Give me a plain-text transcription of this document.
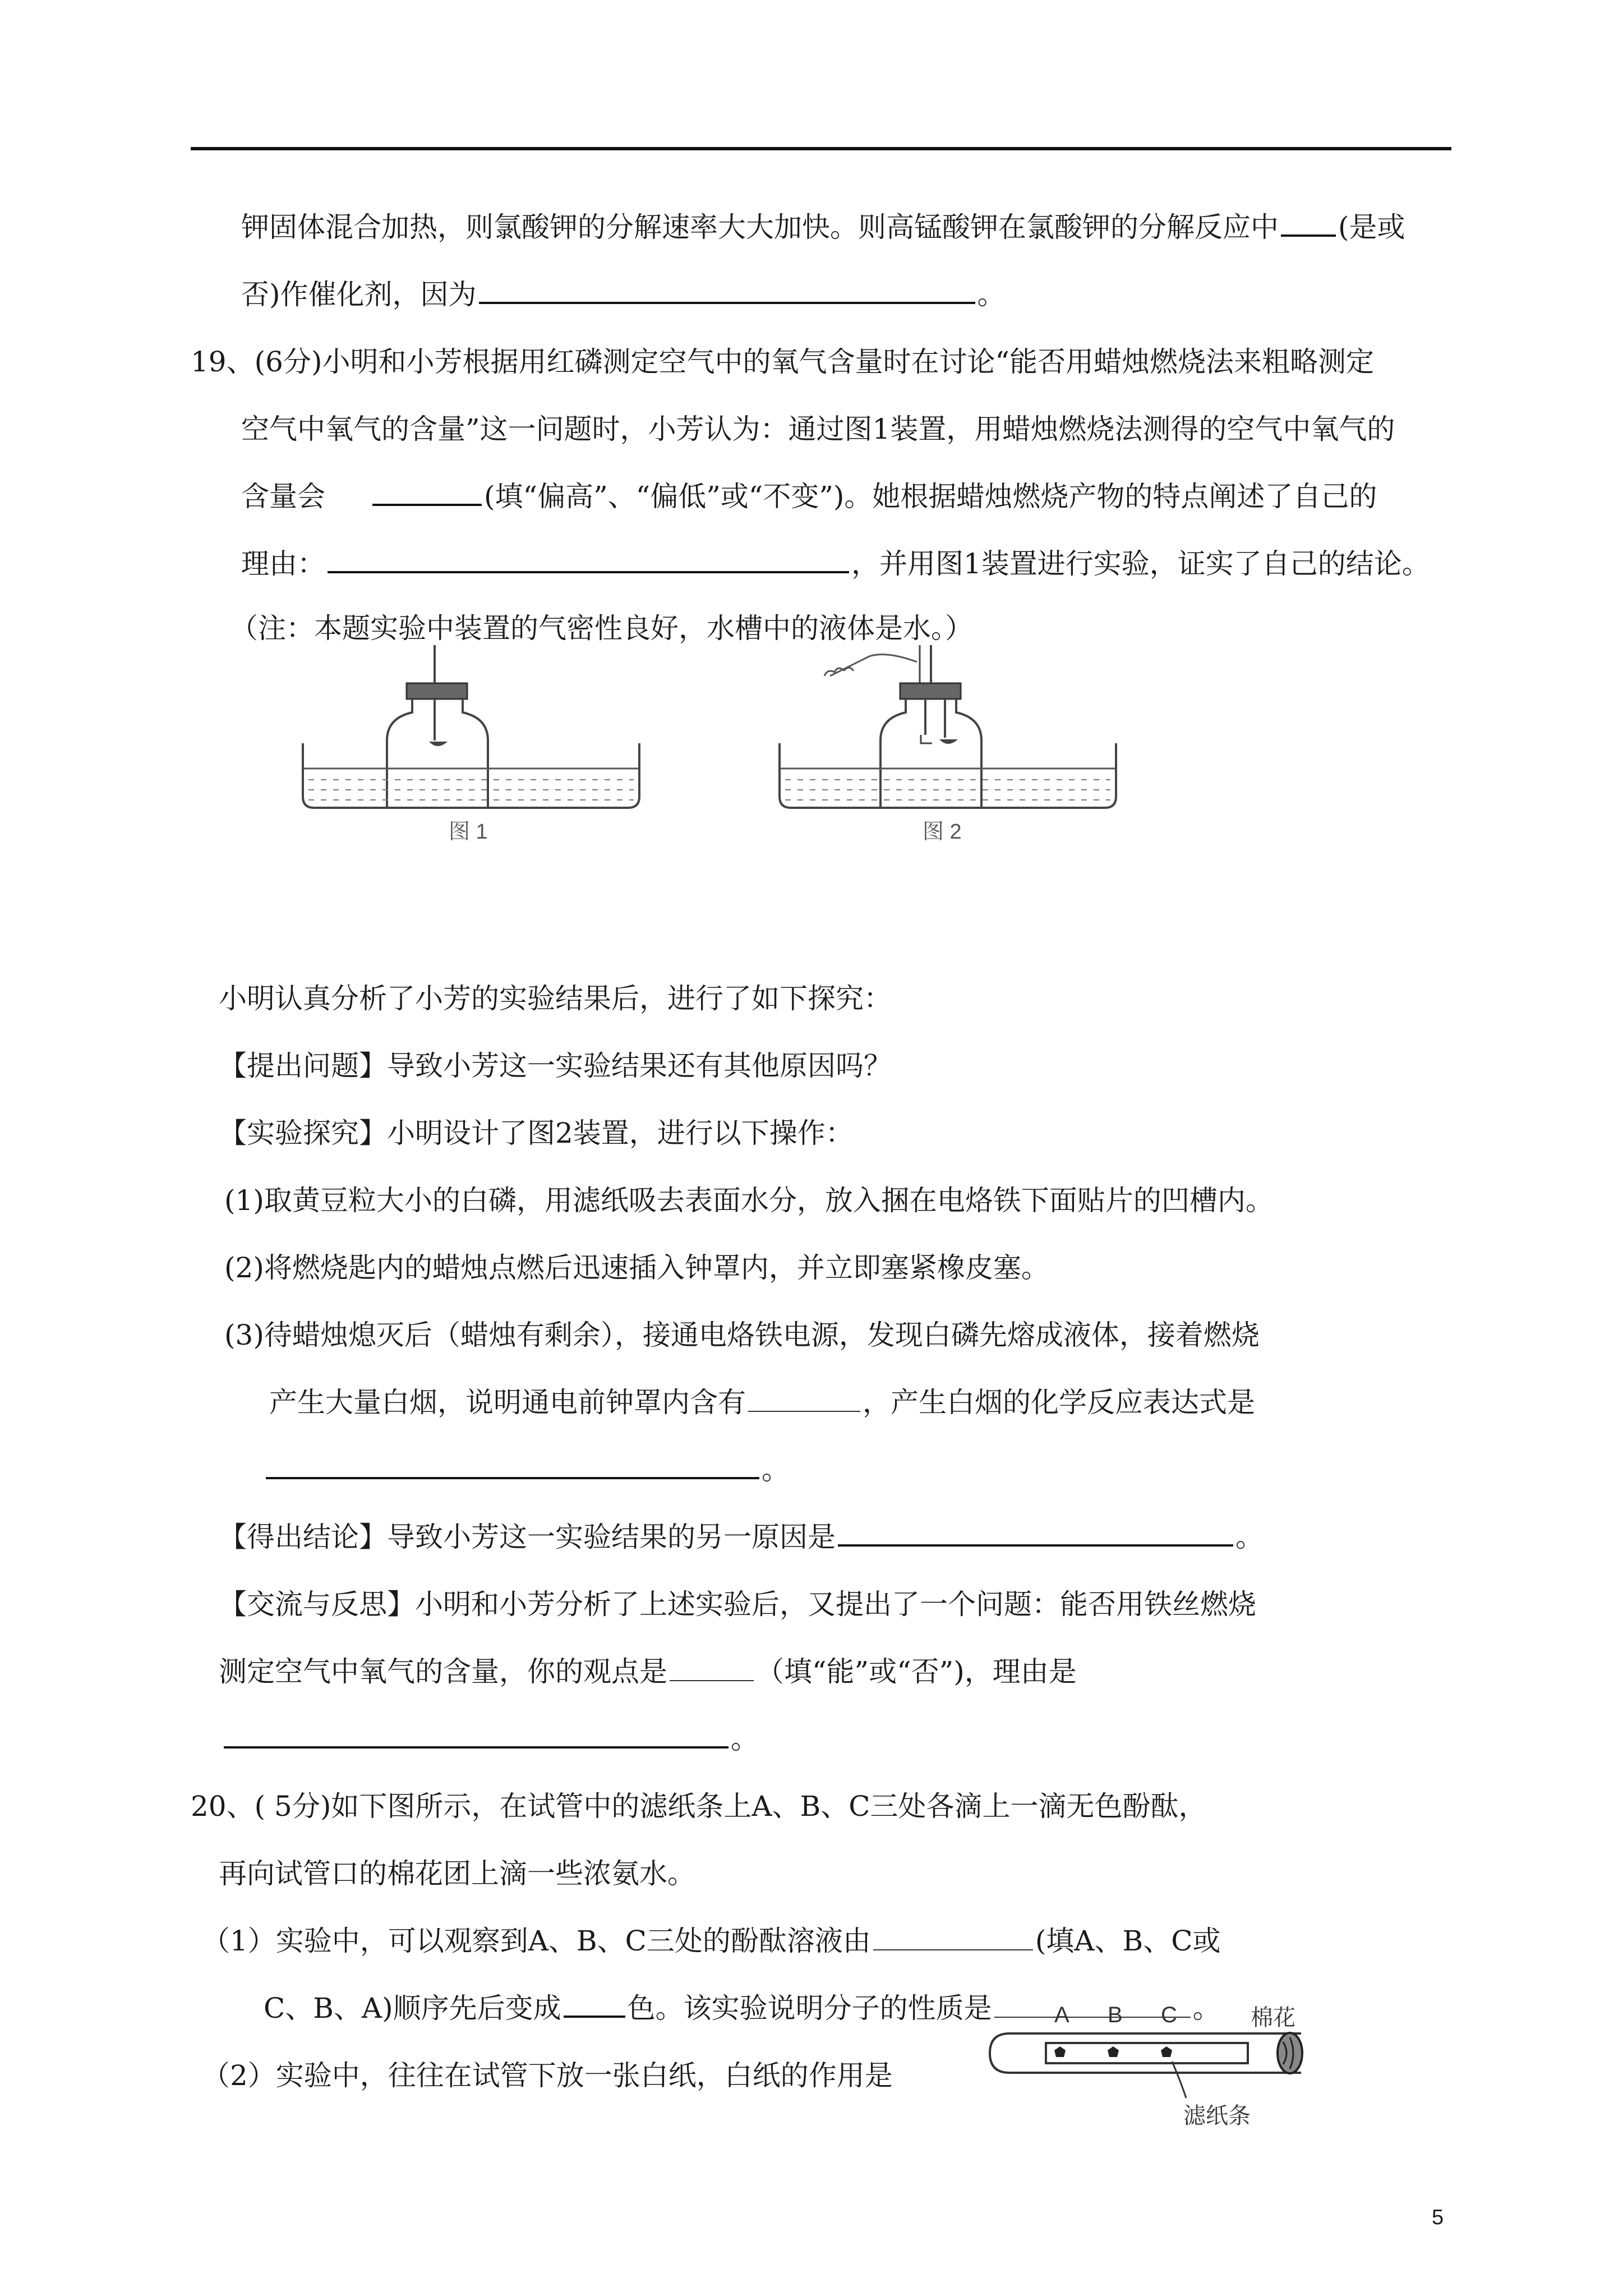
钾固体混合加热，则氯酸钾的分解速率大大加快。则高锰酸钾在氯酸钾的分解反应中 (是或
否)作催化剂，因为	。
19、(6分)小明和小芳根据用红磷测定空气中的氧气含量时在讨论“能否用蜡烛燃烧法来粗略测定
空气中氧气的含量”这一问题时，小芳认为：通过图1装置，用蜡烛燃烧法测得的空气中氧气的
含量会	(填“偏高”、“偏低”或“不变”)。她根据蜡烛燃烧产物的特点阐述了自己的
理由：	，并用图1装置进行实验，证实了自己的结论。
（注：本题实验中装置的气密性良好，水槽中的液体是水。）
图 1	图 2
小明认真分析了小芳的实验结果后，进行了如下探究：
【提出问题】导致小芳这一实验结果还有其他原因吗？
【实验探究】小明设计了图2装置，进行以下操作：
(1)取黄豆粒大小的白磷，用滤纸吸去表面水分，放入捆在电烙铁下面贴片的凹槽内。
(2)将燃烧匙内的蜡烛点燃后迅速插入钟罩内，并立即塞紧橡皮塞。
(3)待蜡烛熄灭后（蜡烛有剩余），接通电烙铁电源，发现白磷先熔成液体，接着燃烧
产生大量白烟，说明通电前钟罩内含有	，产生白烟的化学反应表达式是
。
【得出结论】导致小芳这一实验结果的另一原因是	。
【交流与反思】小明和小芳分析了上述实验后，又提出了一个问题：能否用铁丝燃烧
测定空气中氧气的含量，你的观点是	（填“能”或“否”)，理由是
。
20、( 5分)如下图所示，在试管中的滤纸条上A、B、C三处各滴上一滴无色酚酞，
再向试管口的棉花团上滴一些浓氨水。
（1）实验中，可以观察到A、B、C三处的酚酞溶液由	(填A、B、C或
C、B、A)顺序先后变成 色。该实验说明分子的性质是	。
（2）实验中，往往在试管下放一张白纸，白纸的作用是
A B C	棉花
滤纸条
5
